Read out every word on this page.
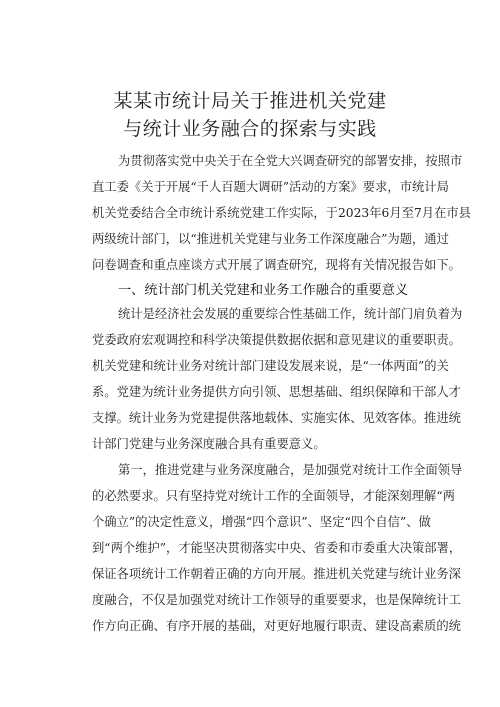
某某市统计局关于推进机关党建
与统计业务融合的探索与实践
为贯彻落实党中央关于在全党大兴调查研究的部署安排，按照市
直工委《关于开展“千人百题大调研”活动的方案》要求，市统计局
机关党委结合全市统计系统党建工作实际，于2023年6月至7月在市县
两级统计部门，以“推进机关党建与业务工作深度融合”为题，通过
问卷调查和重点座谈方式开展了调查研究，现将有关情况报告如下。
一、统计部门机关党建和业务工作融合的重要意义
统计是经济社会发展的重要综合性基础工作，统计部门肩负着为
党委政府宏观调控和科学决策提供数据依据和意见建议的重要职责。
机关党建和统计业务对统计部门建设发展来说，是“一体两面”的关
系。党建为统计业务提供方向引领、思想基础、组织保障和干部人才
支撑。统计业务为党建提供落地载体、实施实体、见效客体。推进统
计部门党建与业务深度融合具有重要意义。
第一，推进党建与业务深度融合，是加强党对统计工作全面领导
的必然要求。只有坚持党对统计工作的全面领导，才能深刻理解“两
个确立”的决定性意义，增强“四个意识”、坚定“四个自信”、做
到“两个维护”，才能坚决贯彻落实中央、省委和市委重大决策部署，
保证各项统计工作朝着正确的方向开展。推进机关党建与统计业务深
度融合，不仅是加强党对统计工作领导的重要要求，也是保障统计工
作方向正确、有序开展的基础，对更好地履行职责、建设高素质的统
